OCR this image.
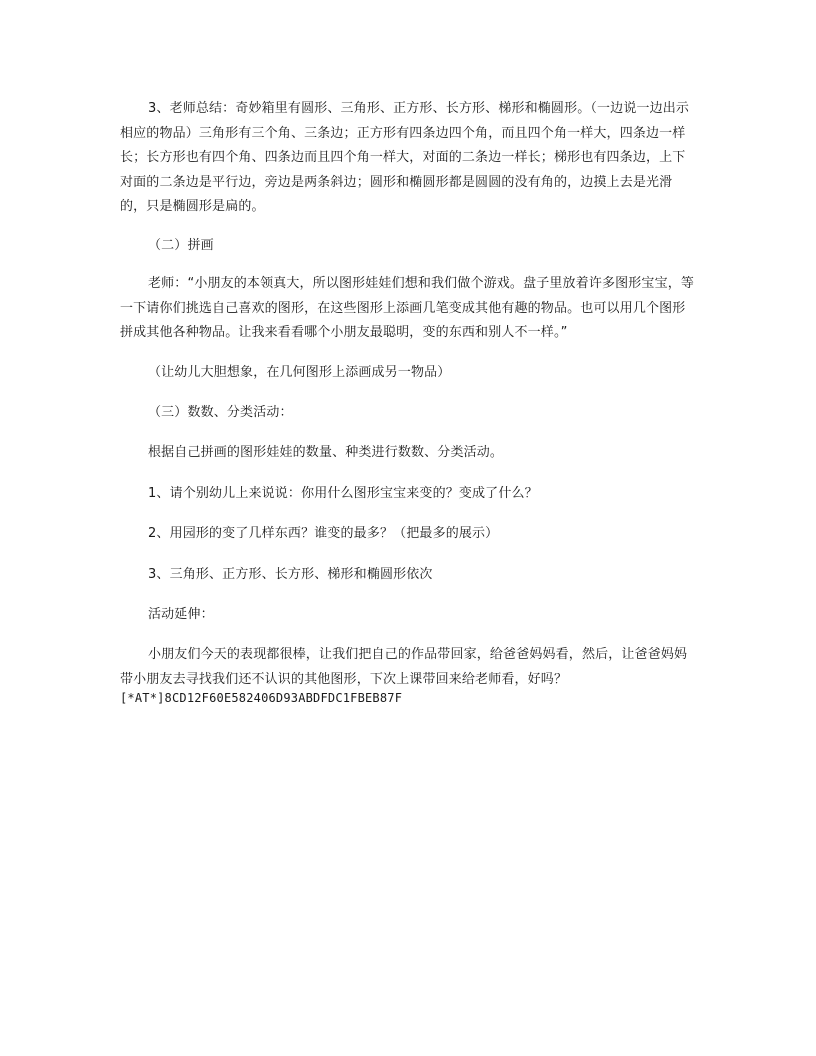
3、老师总结：奇妙箱里有圆形、三角形、正方形、长方形、梯形和椭圆形。（一边说一边出示相应的物品）三角形有三个角、三条边；正方形有四条边四个角，而且四个角一样大，四条边一样长；长方形也有四个角、四条边而且四个角一样大，对面的二条边一样长；梯形也有四条边，上下对面的二条边是平行边，旁边是两条斜边；圆形和椭圆形都是圆圆的没有角的，边摸上去是光滑的，只是椭圆形是扁的。

（二）拼画

老师：“小朋友的本领真大，所以图形娃娃们想和我们做个游戏。盘子里放着许多图形宝宝，等一下请你们挑选自己喜欢的图形，在这些图形上添画几笔变成其他有趣的物品。也可以用几个图形拼成其他各种物品。让我来看看哪个小朋友最聪明，变的东西和别人不一样。”

（让幼儿大胆想象，在几何图形上添画成另一物品）

（三）数数、分类活动：

根据自己拼画的图形娃娃的数量、种类进行数数、分类活动。

1、请个别幼儿上来说说：你用什么图形宝宝来变的？变成了什么？

2、用园形的变了几样东西？谁变的最多？（把最多的展示）

3、三角形、正方形、长方形、梯形和椭圆形依次

活动延伸：

小朋友们今天的表现都很棒，让我们把自己的作品带回家，给爸爸妈妈看，然后，让爸爸妈妈带小朋友去寻找我们还不认识的其他图形，下次上课带回来给老师看，好吗？

[*AT*]8CD12F60E582406D93ABDFDC1FBEB87F
